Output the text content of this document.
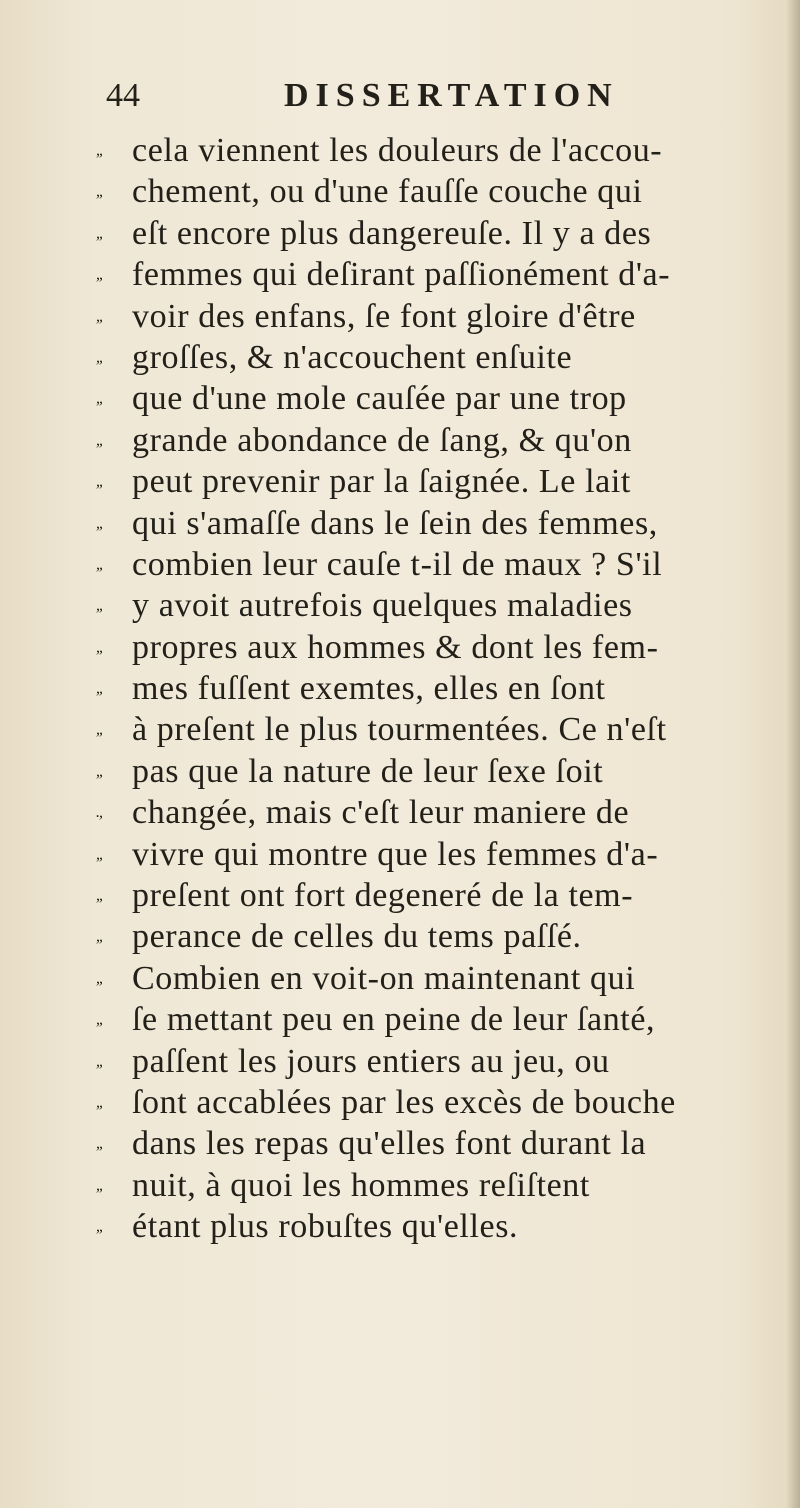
44	DISSERTATION
,, cela viennent les douleurs de l'accou-
,, chement, ou d'une fauſſe couche qui
,, eſt encore plus dangereuſe. Il y a des
,, femmes qui deſirant paſſionément d'a-
,, voir des enfans, ſe font gloire d'être
,, groſſes, & n'accouchent enſuite
,, que d'une mole cauſée par une trop
,, grande abondance de ſang, & qu'on
,, peut prevenir par la ſaignée. Le lait
,, qui s'amaſſe dans le ſein des femmes,
,, combien leur cauſe t-il de maux ? S'il
,, y avoit autrefois quelques maladies
,, propres aux hommes & dont les fem-
,, mes fuſſent exemtes, elles en ſont
,, à preſent le plus tourmentées. Ce n'eſt
,, pas que la nature de leur ſexe ſoit
., changée, mais c'eſt leur maniere de
,, vivre qui montre que les femmes d'a-
,, preſent ont fort degeneré de la tem-
,, perance de celles du tems paſſé.
,, Combien en voit-on maintenant qui
,, ſe mettant peu en peine de leur ſanté,
,, paſſent les jours entiers au jeu, ou
,, ſont accablées par les excès de bouche
,, dans les repas qu'elles font durant la
,, nuit, à quoi les hommes reſiſtent
,, étant plus robuſtes qu'elles.
